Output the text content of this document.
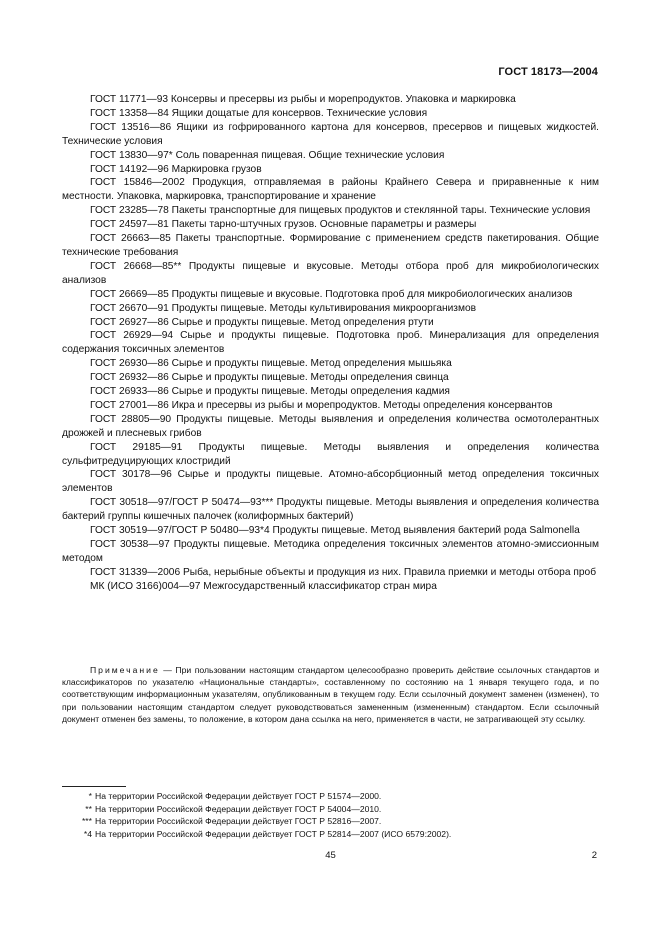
ГОСТ 18173—2004

ГОСТ 11771—93 Консервы и пресервы из рыбы и морепродуктов. Упаковка и маркировка

ГОСТ 13358—84 Ящики дощатые для консервов. Технические условия

ГОСТ 13516—86 Ящики из гофрированного картона для консервов, пресервов и пищевых жидкостей. Технические условия

ГОСТ 13830—97* Соль поваренная пищевая. Общие технические условия

ГОСТ 14192—96 Маркировка грузов

ГОСТ 15846—2002 Продукция, отправляемая в районы Крайнего Севера и приравненные к ним местности. Упаковка, маркировка, транспортирование и хранение

ГОСТ 23285—78 Пакеты транспортные для пищевых продуктов и стеклянной тары. Технические условия

ГОСТ 24597—81 Пакеты тарно-штучных грузов. Основные параметры и размеры

ГОСТ 26663—85 Пакеты транспортные. Формирование с применением средств пакетирования. Общие технические требования

ГОСТ 26668—85** Продукты пищевые и вкусовые. Методы отбора проб для микробиологических анализов

ГОСТ 26669—85 Продукты пищевые и вкусовые. Подготовка проб для микробиологических анализов

ГОСТ 26670—91 Продукты пищевые. Методы культивирования микроорганизмов

ГОСТ 26927—86 Сырье и продукты пищевые. Метод определения ртути

ГОСТ 26929—94 Сырье и продукты пищевые. Подготовка проб. Минерализация для определения содержания токсичных элементов

ГОСТ 26930—86 Сырье и продукты пищевые. Метод определения мышьяка

ГОСТ 26932—86 Сырье и продукты пищевые. Методы определения свинца

ГОСТ 26933—86 Сырье и продукты пищевые. Методы определения кадмия

ГОСТ 27001—86 Икра и пресервы из рыбы и морепродуктов. Методы определения консервантов

ГОСТ 28805—90 Продукты пищевые. Методы выявления и определения количества осмотолерантных дрожжей и плесневых грибов

ГОСТ 29185—91 Продукты пищевые. Методы выявления и определения количества сульфитредуцирующих клостридий

ГОСТ 30178—96 Сырье и продукты пищевые. Атомно-абсорбционный метод определения токсичных элементов

ГОСТ 30518—97/ГОСТ Р 50474—93*** Продукты пищевые. Методы выявления и определения количества бактерий группы кишечных палочек (колиформных бактерий)

ГОСТ 30519—97/ГОСТ Р 50480—93*4 Продукты пищевые. Метод выявления бактерий рода Salmonella

ГОСТ 30538—97 Продукты пищевые. Методика определения токсичных элементов атомно-эмиссионным методом

ГОСТ 31339—2006 Рыба, нерыбные объекты и продукция из них. Правила приемки и методы отбора проб

МК (ИСО 3166)004—97 Межгосударственный классификатор стран мира

Примечание — При пользовании настоящим стандартом целесообразно проверить действие ссылочных стандартов и классификаторов по указателю «Национальные стандарты», составленному по состоянию на 1 января текущего года, и по соответствующим информационным указателям, опубликованным в текущем году. Если ссылочный документ заменен (изменен), то при пользовании настоящим стандартом следует руководствоваться замененным (измененным) стандартом. Если ссылочный документ отменен без замены, то положение, в котором дана ссылка на него, применяется в части, не затрагивающей эту ссылку.

* На территории Российской Федерации действует ГОСТ Р 51574—2000.

** На территории Российской Федерации действует ГОСТ Р 54004—2010.

*** На территории Российской Федерации действует ГОСТ Р 52816—2007.

*4 На территории Российской Федерации действует ГОСТ Р 52814—2007 (ИСО 6579:2002).

45	2
